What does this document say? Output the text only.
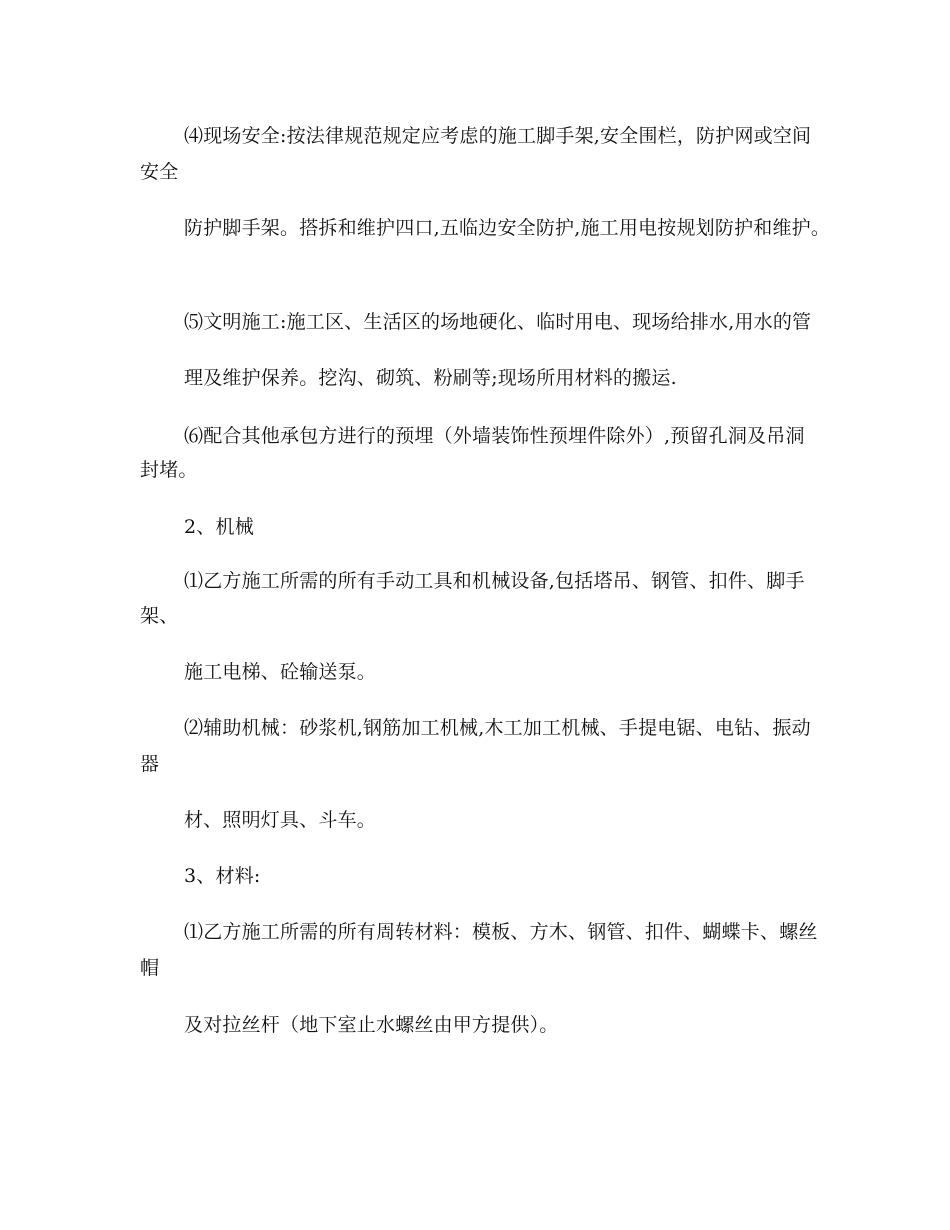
⑷现场安全:按法律规范规定应考虑的施工脚手架,安全围栏，防护网或空间
安全
防护脚手架。搭拆和维护四口,五临边安全防护,施工用电按规划防护和维护。
⑸文明施工:施工区、生活区的场地硬化、临时用电、现场给排水,用水的管
理及维护保养。挖沟、砌筑、粉刷等;现场所用材料的搬运.
⑹配合其他承包方进行的预埋（外墙装饰性预埋件除外）,预留孔洞及吊洞
封堵。
2、机械
⑴乙方施工所需的所有手动工具和机械设备,包括塔吊、钢管、扣件、脚手
架、
施工电梯、砼输送泵。
⑵辅助机械：砂浆机,钢筋加工机械,木工加工机械、手提电锯、电钻、振动
器
材、照明灯具、斗车。
3、材料:
⑴乙方施工所需的所有周转材料：模板、方木、钢管、扣件、蝴蝶卡、螺丝
帽
及对拉丝杆（地下室止水螺丝由甲方提供）。
